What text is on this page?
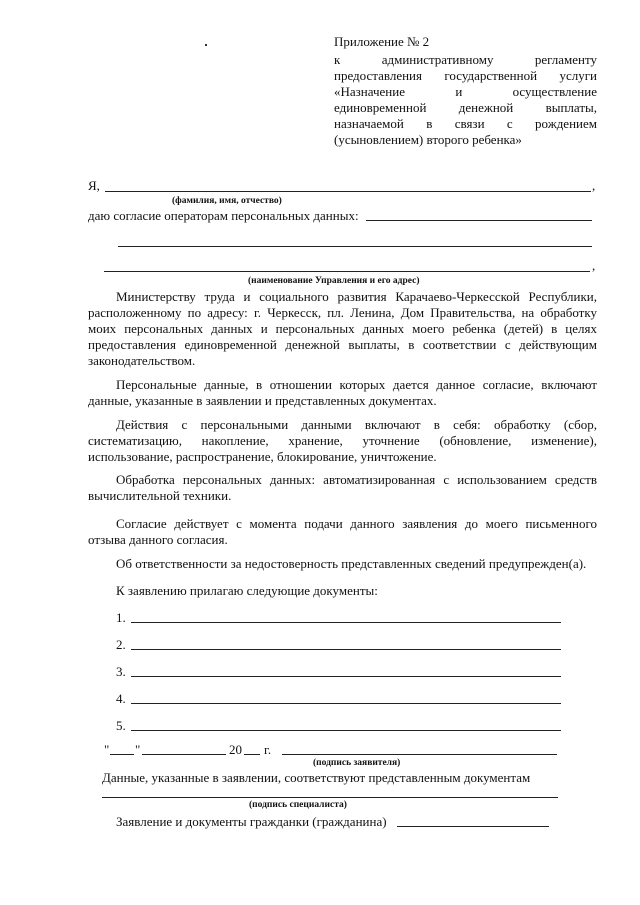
Приложение № 2
к административному регламенту
предоставления государственной услуги
«Назначение и осуществление
единовременной денежной выплаты,
назначаемой в связи с рождением
(усыновлением) второго ребенка»
Я,	,
(фамилия, имя, отчество)
даю согласие операторам персональных данных:
,
(наименование Управления и его адрес)
Министерству труда и социального развития Карачаево-Черкесской Республики,
расположенному по адресу: г. Черкесск, пл. Ленина, Дом Правительства, на обработку
моих персональных данных и персональных данных моего ребенка (детей) в целях
предоставления единовременной денежной выплаты, в соответствии с действующим
законодательством.
Персональные данные, в отношении которых дается данное согласие, включают
данные, указанные в заявлении и представленных документах.
Действия с персональными данными включают в себя: обработку (сбор,
систематизацию, накопление, хранение, уточнение (обновление, изменение),
использование, распространение, блокирование, уничтожение.
Обработка персональных данных: автоматизированная с использованием средств
вычислительной техники.
Согласие действует с момента подачи данного заявления до моего письменного
отзыва данного согласия.
Об ответственности за недостоверность представленных сведений предупрежден(а).
К заявлению прилагаю следующие документы:
1.
2.
3.
4.
5.
" "	20 г.
(подпись заявителя)
Данные, указанные в заявлении, соответствуют представленным документам
(подпись специалиста)
Заявление и документы гражданки (гражданина)
